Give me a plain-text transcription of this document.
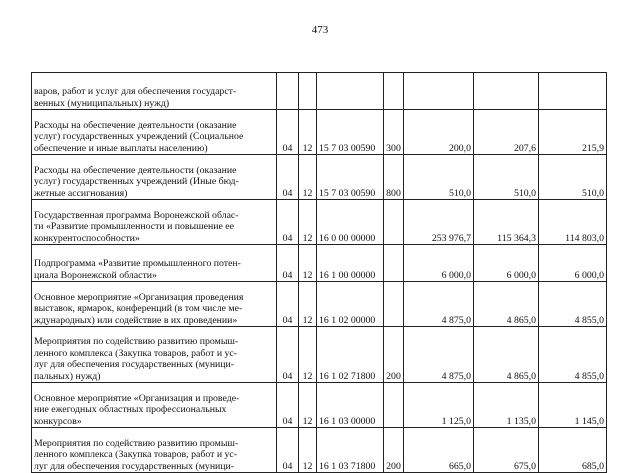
473
варов, работ и услуг для обеспечения государст-
венных (муниципальных) нужд)							

Расходы на обеспечение деятельности (оказание
услуг) государственных учреждений (Социальное
обеспечение и иные выплаты населению)	04	12	15 7 03 00590	300	200,0	207,6	215,9

Расходы на обеспечение деятельности (оказание
услуг) государственных учреждений (Иные бюд-
жетные ассигнования)	04	12	15 7 03 00590	800	510,0	510,0	510,0

Государственная программа Воронежской облас-
ти «Развитие промышленности и повышение ее
конкурентоспособности»	04	12	16 0 00 00000		253 976,7	115 364,3	114 803,0

Подпрограмма «Развитие промышленного потен-
циала Воронежской области»	04	12	16 1 00 00000		6 000,0	6 000,0	6 000,0

Основное мероприятие «Организация проведения
выставок, ярмарок, конференций (в том числе ме-
ждународных) или содействие в их проведении»	04	12	16 1 02 00000		4 875,0	4 865,0	4 855,0

Мероприятия по содействию развитию промыш-
ленного комплекса (Закупка товаров, работ и ус-
луг для обеспечения государственных (муници-
пальных) нужд)	04	12	16 1 02 71800	200	4 875,0	4 865,0	4 855,0

Основное мероприятие «Организация и проведе-
ние ежегодных областных профессиональных
конкурсов»	04	12	16 1 03 00000		1 125,0	1 135,0	1 145,0

Мероприятия по содействию развитию промыш-
ленного комплекса (Закупка товаров, работ и ус-
луг для обеспечения государственных (муници-	04	12	16 1 03 71800	200	665,0	675,0	685,0
